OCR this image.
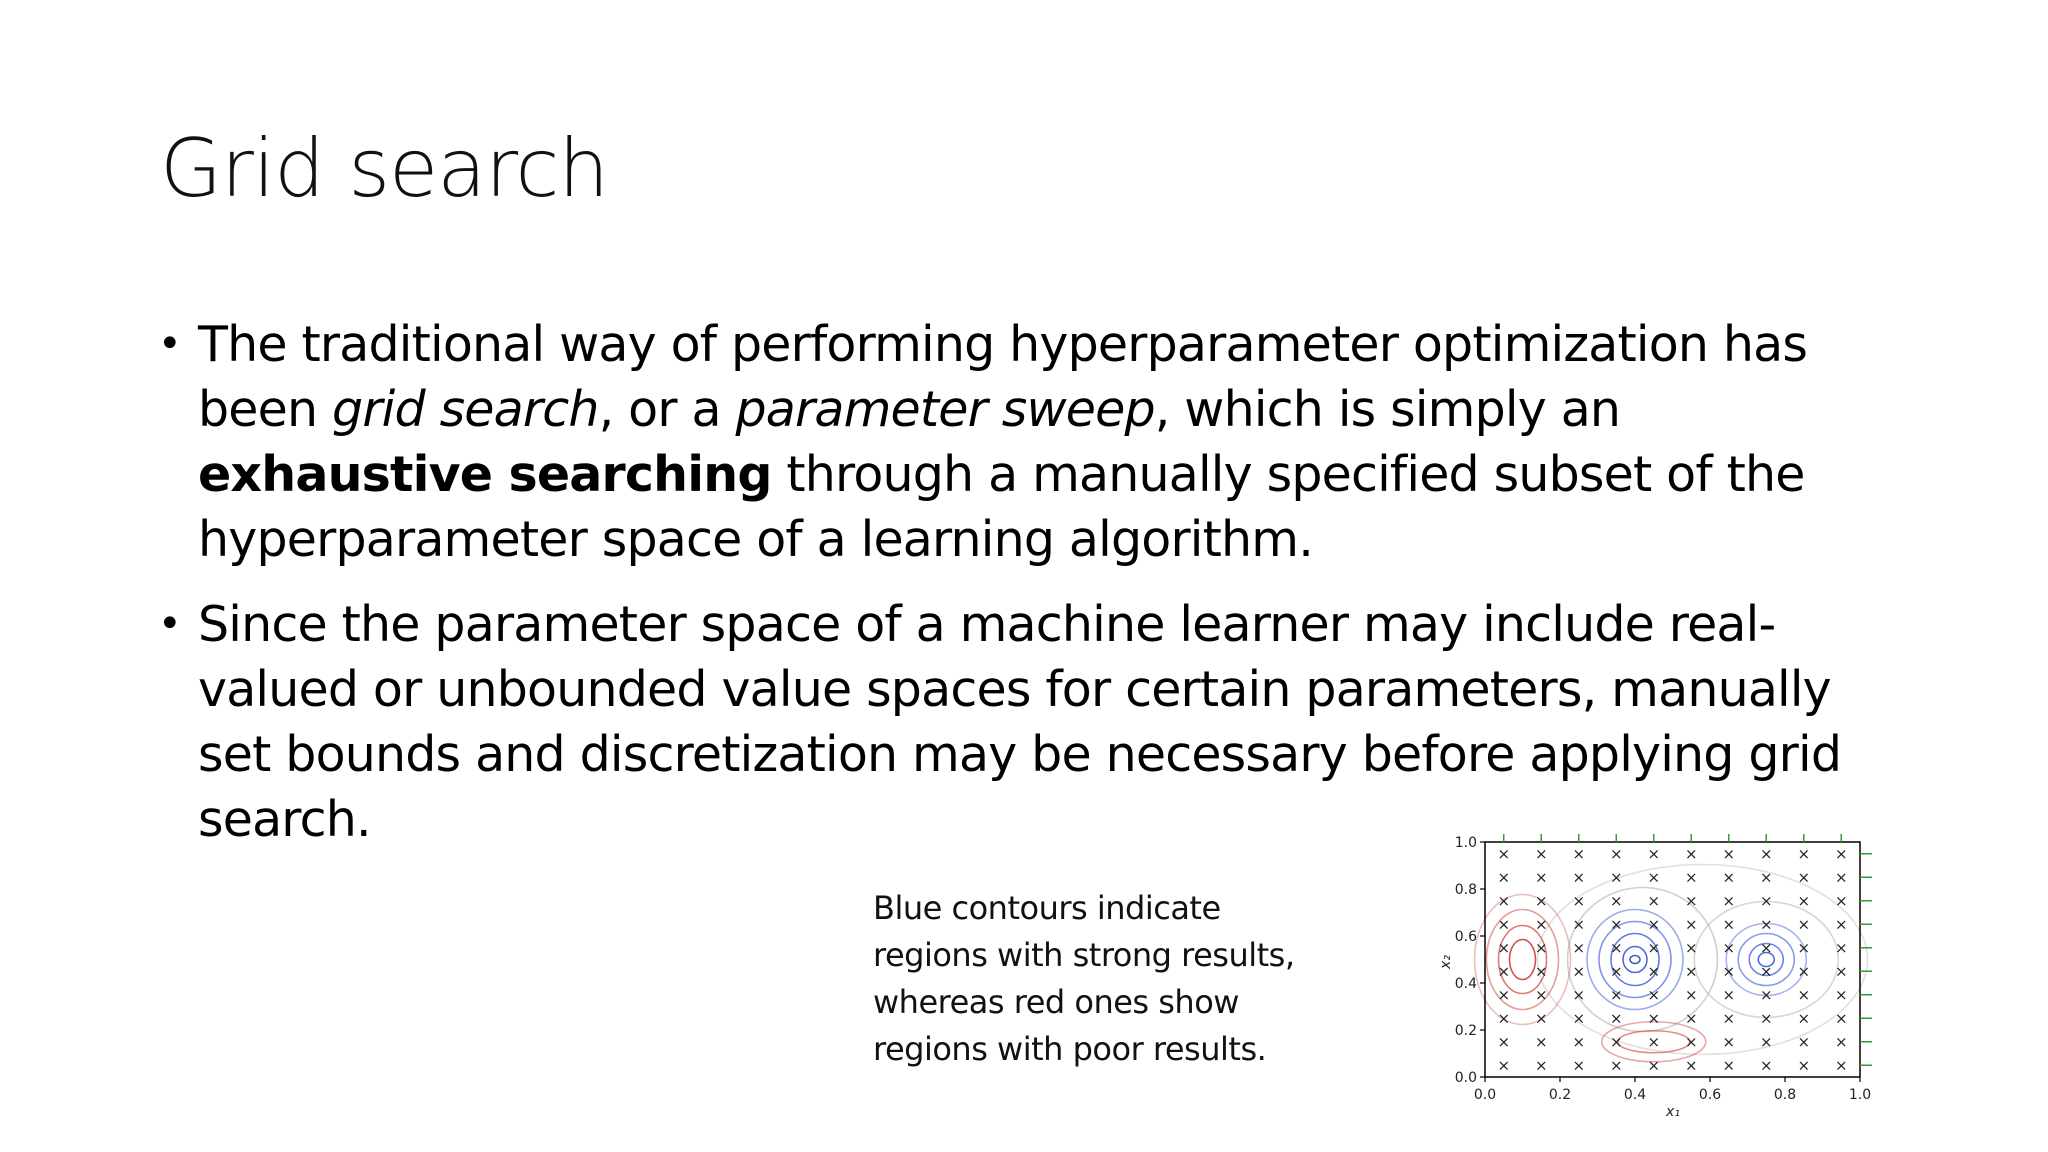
Grid search
• The traditional way of performing hyperparameter optimization has been grid search, or a parameter sweep, which is simply an exhaustive searching through a manually specified subset of the hyperparameter space of a learning algorithm.
• Since the parameter space of a machine learner may include real-valued or unbounded value spaces for certain parameters, manually set bounds and discretization may be necessary before applying grid search.

Blue contours indicate
regions with strong results,
whereas red ones show
regions with poor results.	×
×
×
×
×
×
×
×
×
×
×
×
×
×
×
×
×
×
×
×
×
×
×
×
×
×
×
×
×
×
×
×
×
×
×
×
×
×
×
×
×
×
×
×
×
×
×
×
×
×
×
×
×
×
×
×
×
×
×
×
×
×
×
×
×
×
×
×
×
×
×
×
×
×
×
×
×
×
×
×
×
×
×
×
×
×
×
×
×
×
×
×
×
×
×
×
×
×
×
×
0.0	0.2	0.4	0.6	0.8	1.0
0.0
0.2
0.4
0.6
0.8
1.0
x₁
x₂
